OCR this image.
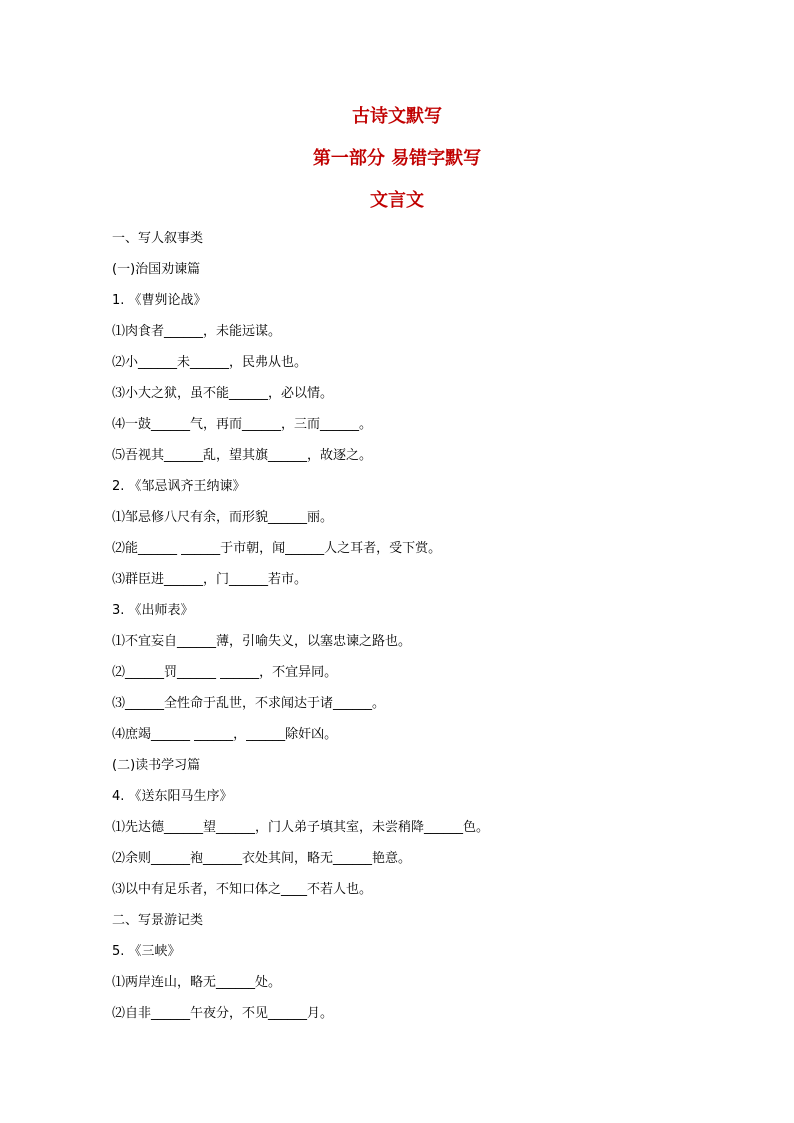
古诗文默写
第一部分 易错字默写
文言文
一、写人叙事类
(一)治国劝谏篇
1. 《曹刿论战》
⑴肉食者______，未能远谋。
⑵小______未______，民弗从也。
⑶小大之狱，虽不能______，必以情。
⑷一鼓______气，再而______，三而______。
⑸吾视其______乱，望其旗______，故逐之。
2. 《邹忌讽齐王纳谏》
⑴邹忌修八尺有余，而形貌______丽。
⑵能______ ______于市朝，闻______人之耳者，受下赏。
⑶群臣进______，门______若市。
3. 《出师表》
⑴不宜妄自______薄，引喻失义，以塞忠谏之路也。
⑵______罚______ ______，不宜异同。
⑶______全性命于乱世，不求闻达于诸______。
⑷庶竭______ ______，______除奸凶。
(二)读书学习篇
4. 《送东阳马生序》
⑴先达德______望______，门人弟子填其室，未尝稍降______色。
⑵余则______袍______衣处其间，略无______艳意。
⑶以中有足乐者，不知口体之____不若人也。
二、写景游记类
5. 《三峡》
⑴两岸连山，略无______处。
⑵自非______午夜分，不见______月。
